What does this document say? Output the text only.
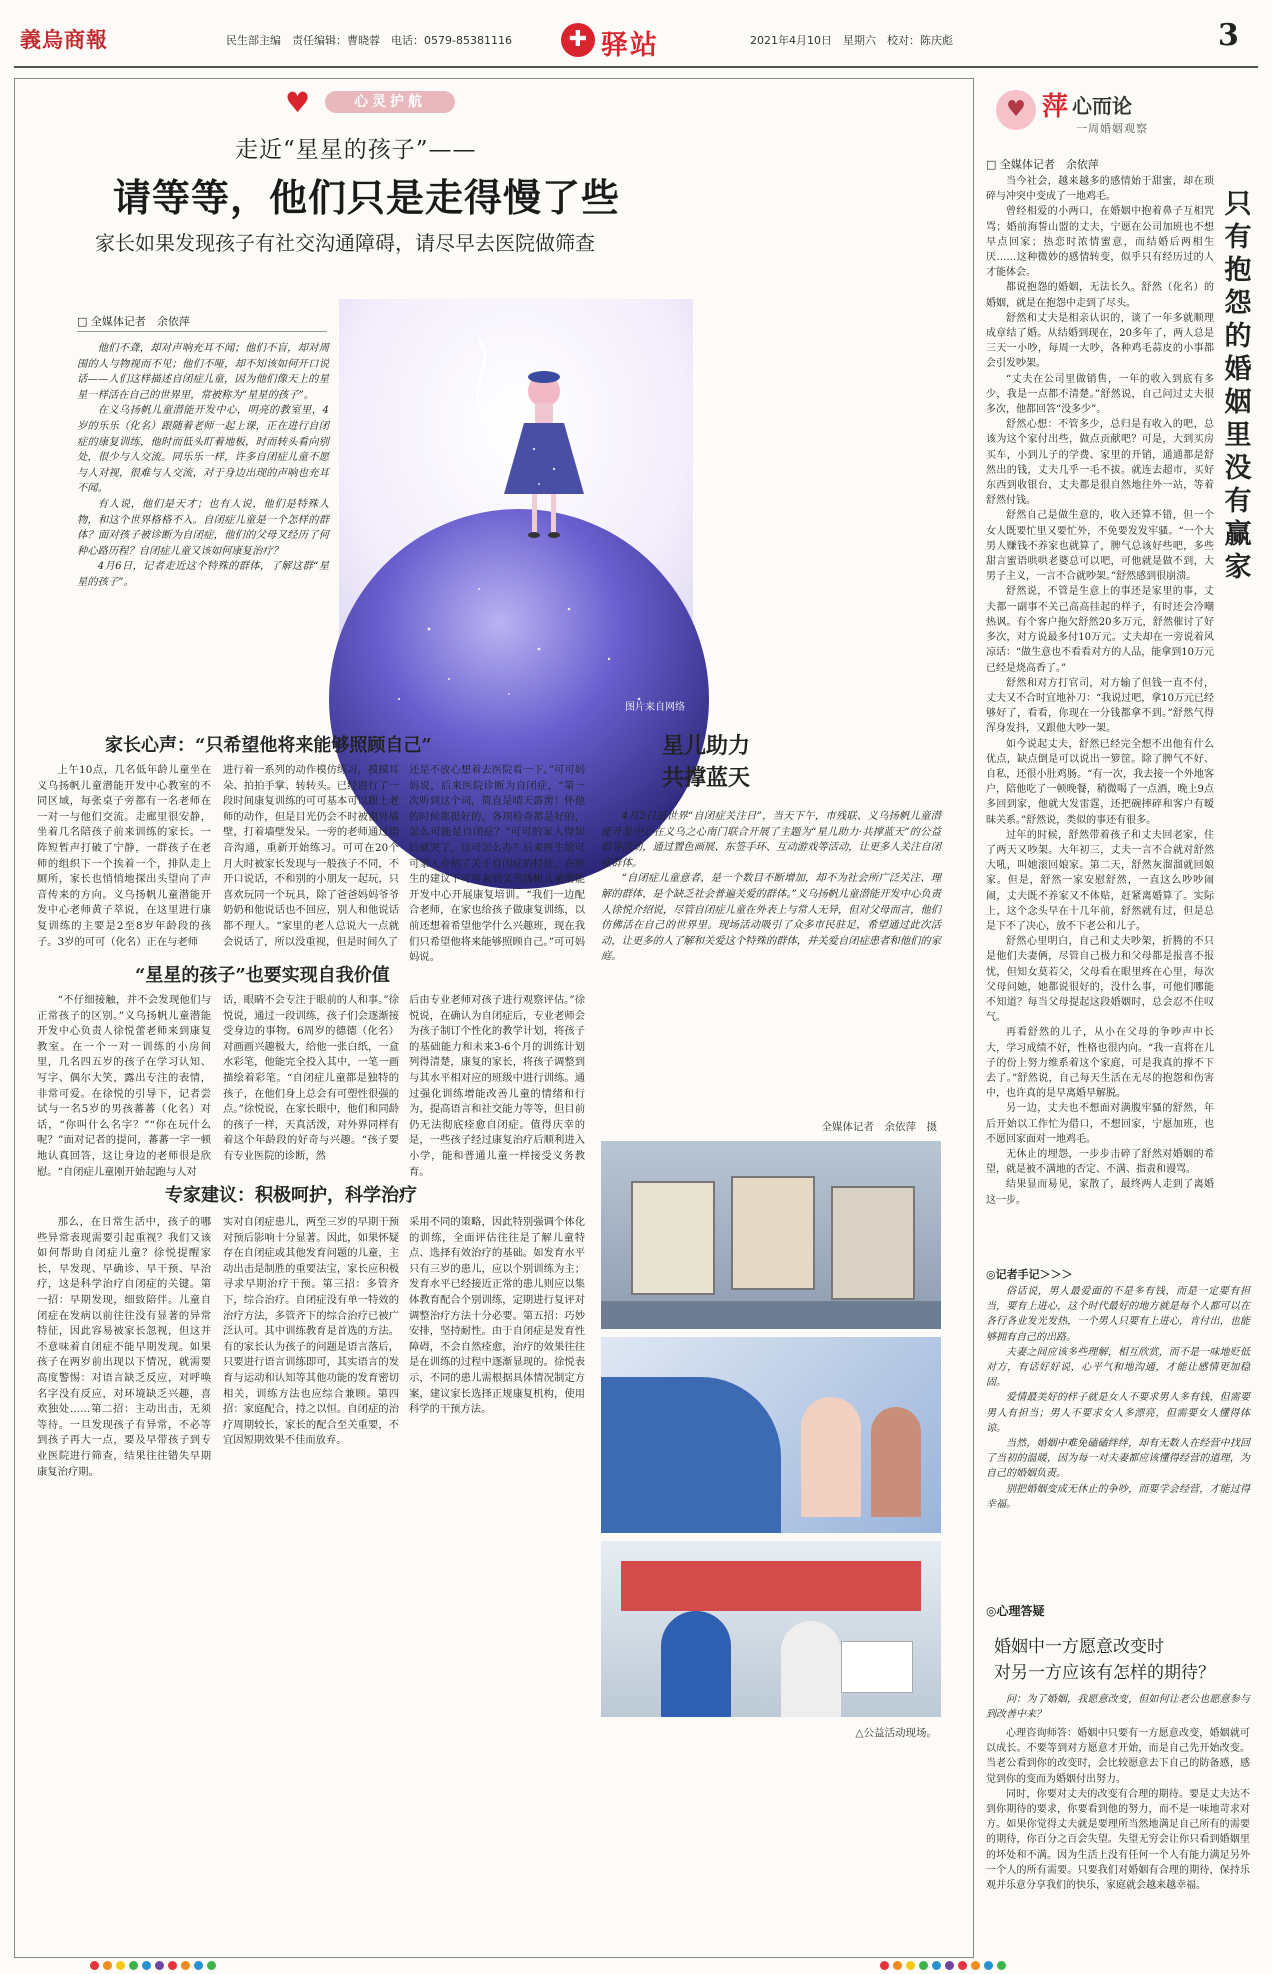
義烏商報	民生部主编　责任编辑：曹晓蓉　电话：0579-85381116	✚ 驿站	2021年4月10日　星期六　校对：陈庆彪	3
♥	心灵护航
走近“星星的孩子”——
请等等，他们只是走得慢了些
家长如果发现孩子有社交沟通障碍，请尽早去医院做筛查
□ 全媒体记者　余依萍

他们不聋，却对声响充耳不闻；他们不盲，却对周围的人与物视而不见；他们不哑，却不知该如何开口说话——人们这样描述自闭症儿童，因为他们像天上的星星一样活在自己的世界里，常被称为“星星的孩子”。

在义乌扬帆儿童潜能开发中心，明亮的教室里，4岁的乐乐（化名）跟随着老师一起上课，正在进行自闭症的康复训练，他时而低头盯着地板，时而转头看向别处，很少与人交流。同乐乐一样，许多自闭症儿童不愿与人对视，很难与人交流，对于身边出现的声响也充耳不闻。

有人说，他们是天才；也有人说，他们是特殊人物，和这个世界格格不入。自闭症儿童是一个怎样的群体？面对孩子被诊断为自闭症，他们的父母又经历了何种心路历程？自闭症儿童又该如何康复治疗？

4月6日，记者走近这个特殊的群体，了解这群“星星的孩子”。

图片来自网络
家长心声：“只希望他将来能够照顾自己”
上午10点，几名低年龄儿童坐在义乌扬帆儿童潜能开发中心教室的不同区域，每张桌子旁都有一名老师在一对一与他们交流。走廊里很安静，坐着几名陪孩子前来训练的家长。一阵短暂声打破了宁静，一群孩子在老师的组织下一个挨着一个，排队走上厕所，家长也悄悄地探出头望向了声音传来的方向。义乌扬帆儿童潜能开发中心老师黄子萃说，在这里进行康复训练的主要是2至8岁年龄段的孩子。3岁的可可（化名）正在与老师
进行着一系列的动作模仿练习，摸摸耳朵、拍拍手掌、转转头。已经进行了一段时间康复训练的可可基本可以跟上老师的动作，但是目光仍会不时被窗外墙壁，打着墙壁发呆。一旁的老师通过语音沟通，重新开始练习。可可在20个月大时被家长发现与一般孩子不同，不开口说话，不和别的小朋友一起玩，只喜欢玩同一个玩具，除了爸爸妈妈爷爷奶奶和他说话也不回应，别人和他说话都不理人。“家里的老人总说大一点就会说话了，所以没重视，但是时间久了
还是不放心想着去医院看一下。”可可妈妈说，后来医院诊断为自闭症，“第一次听到这个词，简直是晴天霹雳！怀他的时候都挺好的，各项检查都是好的，怎么可能是自闭症？”可可的家人得知后就哭了，这可怎么办？后来医生给可可家人介绍了关于自闭症的特征，在医生的建议下可可来到义乌扬帆儿童潜能开发中心开展康复培训。“我们一边配合老师，在家也给孩子做康复训练，以前还想着希望他学什么兴趣班，现在我们只希望他将来能够照顾自己。”可可妈妈说。
“星星的孩子”也要实现自我价值
“不仔细接触，并不会发现他们与正常孩子的区别。”义乌扬帆儿童潜能开发中心负责人徐悦蕾老师来到康复教室。在一个一对一训练的小房间里，几名四五岁的孩子在学习认知、写字、偶尔大笑，露出专注的表情，非常可爱。在徐悦的引导下，记者尝试与一名5岁的男孩蕃蕃（化名）对话，“你叫什么名字？”“你在玩什么呢？”面对记者的提问，蕃蕃一字一顿地认真回答，这让身边的老师很是欣慰。“自闭症儿童刚开始起跑与人对
话，眼睛不会专注于眼前的人和事。”徐悦说，通过一段训练，孩子们会逐渐接受身边的事物。6周岁的德德（化名）对画画兴趣极大，给他一张白纸，一盒水彩笔，他能完全投入其中，一笔一画描绘着彩笔。“自闭症儿童都是独特的孩子，在他们身上总会有可塑性很强的点。”徐悦说，在家长眼中，他们和同龄的孩子一样，天真活泼，对外界同样有着这个年龄段的好奇与兴趣。“孩子要有专业医院的诊断，然
后由专业老师对孩子进行观察评估。”徐悦说，在确认为自闭症后，专业老师会为孩子制订个性化的教学计划，将孩子的基础能力和未来3-6个月的训练计划列得清楚，康复的家长，将孩子调整到与其水平相对应的班级中进行训练。通过强化训练增能改善儿童的情绪和行为，提高语言和社交能力等等，但目前仍无法彻底痊愈自闭症。值得庆幸的是，一些孩子经过康复治疗后顺利进入小学，能和普通儿童一样接受义务教育。
专家建议：积极呵护，科学治疗
那么，在日常生活中，孩子的哪些异常表现需要引起重视？我们又该如何帮助自闭症儿童？徐悦提醒家长，早发现、早确诊、早干预、早治疗，这是科学治疗自闭症的关键。第一招：早期发现，细致陪伴。儿童自闭症在发病以前往往没有显著的异常特征，因此容易被家长忽视，但这并不意味着自闭症不能早期发现。如果孩子在两岁前出现以下情况，就需要高度警惕：对语言缺乏反应，对呼唤名字没有反应，对环境缺乏兴趣，喜欢独处……第二招：主动出击，无须等待。一旦发现孩子有异常，不必等到孩子再大一点，要及早带孩子到专业医院进行筛查，结果往往错失早期康复治疗期。
实对自闭症患儿，两至三岁的早期干预对预后影响十分显著。因此，如果怀疑存在自闭症或其他发育问题的儿童，主动出击是制胜的重要法宝，家长应积极寻求早期治疗干预。第三招：多管齐下，综合治疗。自闭症没有单一特效的治疗方法，多管齐下的综合治疗已被广泛认可。其中训练教育是首选的方法。有的家长认为孩子的问题是语言落后，只要进行语言训练即可，其实语言的发育与运动和认知等其他功能的发育密切相关，训练方法也应综合兼顾。第四招：家庭配合，持之以恒。自闭症的治疗周期较长，家长的配合至关重要，不宜因短期效果不佳而放弃。
采用不同的策略，因此特别强调个体化的训练，全面评估往往是了解儿童特点、选择有效治疗的基础。如发育水平只有三岁的患儿，应以个别训练为主；发育水平已经接近正常的患儿则应以集体教育配合个别训练，定期进行复评对调整治疗方法十分必要。第五招：巧妙安排，坚持耐性。由于自闭症是发育性障碍，不会自然痊愈，治疗的效果往往是在训练的过程中逐渐显现的。徐悦表示，不同的患儿需根据具体情况制定方案，建议家长选择正规康复机构，使用科学的干预方法。
星儿助力
共撑蓝天

4月2日是世界“自闭症关注日”，当天下午，市残联、义乌扬帆儿童潜能开发中心在义乌之心南门联合开展了主题为“星儿助力·共撑蓝天”的公益倡导活动，通过置色画展、东签手环、互动游戏等活动，让更多人关注自闭症群体。

“自闭症儿童意者，是一个数目不断增加，却不为社会所广泛关注、理解的群体，是个缺乏社会普遍关爱的群体。”义乌扬帆儿童潜能开发中心负责人徐悦介绍说，尽管自闭症儿童在外表上与常人无异，但对父母而言，他们仿佛活在自己的世界里。现场活动吸引了众多市民驻足，希望通过此次活动，让更多的人了解和关爱这个特殊的群体，并关爱自闭症患者和他们的家庭。

全媒体记者　余依萍　摄
△公益活动现场。
♥ 萍 心而论
一周婚姻观察
□ 全媒体记者　余依萍

当今社会，越来越多的感情始于甜蜜，却在琐碎与冲突中变成了一地鸡毛。

曾经相爱的小两口，在婚姻中抱着鼻子互相咒骂；婚前海誓山盟的丈夫，宁愿在公司加班也不想早点回家；热恋时浓情蜜意，而结婚后两相生厌……这种微妙的感情转变，似乎只有经历过的人才能体会。

都说抱怨的婚姻，无法长久。舒然（化名）的婚姻，就是在抱怨中走到了尽头。

舒然和丈夫是相亲认识的，谈了一年多就顺理成章结了婚。从结婚到现在，20多年了，两人总是三天一小吵，每周一大吵，各种鸡毛蒜皮的小事都会引发吵架。

“丈夫在公司里做销售，一年的收入到底有多少，我是一点都不清楚。”舒然说，自己问过丈夫很多次，他都回答“没多少”。

舒然心想：不管多少，总归是有收入的吧，总该为这个家付出些，做点贡献吧？可是，大到买房买车，小到儿子的学费、家里的开销，通通都是舒然出的钱，丈夫几乎一毛不拔。就连去超市，买好东西到收银台，丈夫都是很自然地往外一站，等着舒然付钱。

舒然自己是做生意的，收入还算不错，但一个女人既要忙里又要忙外，不免要发发牢骚。“一个大男人赚钱不养家也就算了，脾气总该好些吧，多些甜言蜜语哄哄老婆总可以吧，可他就是做不到，大男子主义，一言不合就吵架。”舒然感到很崩溃。

舒然说，不管是生意上的事还是家里的事，丈夫都一副事不关己高高挂起的样子，有时还会冷嘲热讽。有个客户拖欠舒然20多万元，舒然催讨了好多次，对方说最多付10万元。丈夫却在一旁说着风凉话：“做生意也不看看对方的人品，能拿到10万元已经是烧高香了。”

舒然和对方打官司，对方输了但钱一直不付，丈夫又不合时宜地补刀：“我说过吧，拿10万元已经够好了，看看，你现在一分钱都拿不到。”舒然气得浑身发抖，又跟他大吵一架。

如今说起丈夫，舒然已经完全想不出他有什么优点，缺点倒是可以说出一箩筐。除了脾气不好、自私，还很小肚鸡肠。“有一次，我去接一个外地客户，陪他吃了一顿晚餐，稍微喝了一点酒，晚上9点多回到家，他就大发雷霆，还把碗摔碎和客户有暧昧关系。”舒然说，类似的事还有很多。

过年的时候，舒然带着孩子和丈夫回老家，住了两天又吵架。大年初三，丈夫一言不合就对舒然大吼，叫她滚回娘家。第二天，舒然灰溜溜就回娘家。但是，舒然一家安慰舒然，一直这么吵吵闹闹，丈夫既不养家又不体贴，赶紧离婚算了。实际上，这个念头早在十几年前，舒然就有过，但是总是下不了决心，放不下老公和儿子。

舒然心里明白，自己和丈夫吵架，折腾的不只是他们夫妻俩，尽管自己极力和父母都是报喜不报忧，但知女莫若父，父母看在眼里疼在心里，每次父母问她，她都说很好的，没什么事，可他们哪能不知道？每当父母提起这段婚姻时，总会忍不住叹气。

再看舒然的儿子，从小在父母的争吵声中长大，学习成绩不好，性格也很内向。“我一直将在儿子的份上努力维系着这个家庭，可是我真的撑不下去了。”舒然说，自己每天生活在无尽的抱怨和伤害中，也许真的是早离婚早解脱。

另一边，丈夫也不想面对满腹牢骚的舒然，年后开始以工作忙为借口，不想回家，宁愿加班，也不愿回家面对一地鸡毛。

无休止的埋怨，一步步击碎了舒然对婚姻的希望，就是被不满地的否定、不满、指责和谩骂。

结果显而易见，家散了，最终两人走到了离婚这一步。

只有抱怨的婚姻里没有赢家
◎记者手记＞＞＞

俗话说，男人最爱面的不是多有钱，而是一定要有担当，要有上进心，这个时代最好的地方就是每个人都可以在各行各业发光发热，一个男人只要有上进心，肯付出，也能够拥有自己的出路。

夫妻之间应该多些理解，相互欣赏，而不是一味地贬低对方，有话好好说，心平气和地沟通，才能让感情更加稳固。

爱情最美好的样子就是女人不要求男人多有钱，但需要男人有担当；男人不要求女人多漂亮，但需要女人懂得体谅。

当然，婚姻中难免磕磕绊绊，却有无数人在经营中找回了当初的温暖，因为每一对夫妻都应该懂得经营的道理，为自己的婚姻负责。

别把婚姻变成无休止的争吵，而要学会经营，才能过得幸福。

◎心理答疑
婚姻中一方愿意改变时
对另一方应该有怎样的期待？
问：为了婚姻，我愿意改变，但如何让老公也愿意参与到改善中来？

心理咨询师答：婚姻中只要有一方愿意改变，婚姻就可以成长。不要等到对方愿意才开始，而是自己先开始改变。当老公看到你的改变时，会比较愿意去下自己的防备感，感觉到你的变而为婚姻付出努力。

同时，你要对丈夫的改变有合理的期待。要是丈夫达不到你期待的要求，你要看到他的努力，而不是一味地苛求对方。如果你觉得丈夫就是要理所当然地满足自己所有的需要的期待，你百分之百会失望。失望无穷会让你只看到婚姻里的坏处和不满。因为生活上没有任何一个人有能力满足另外一个人的所有需要。只要我们对婚姻有合理的期待，保持乐观并乐意分享我们的快乐，家庭就会越来越幸福。
